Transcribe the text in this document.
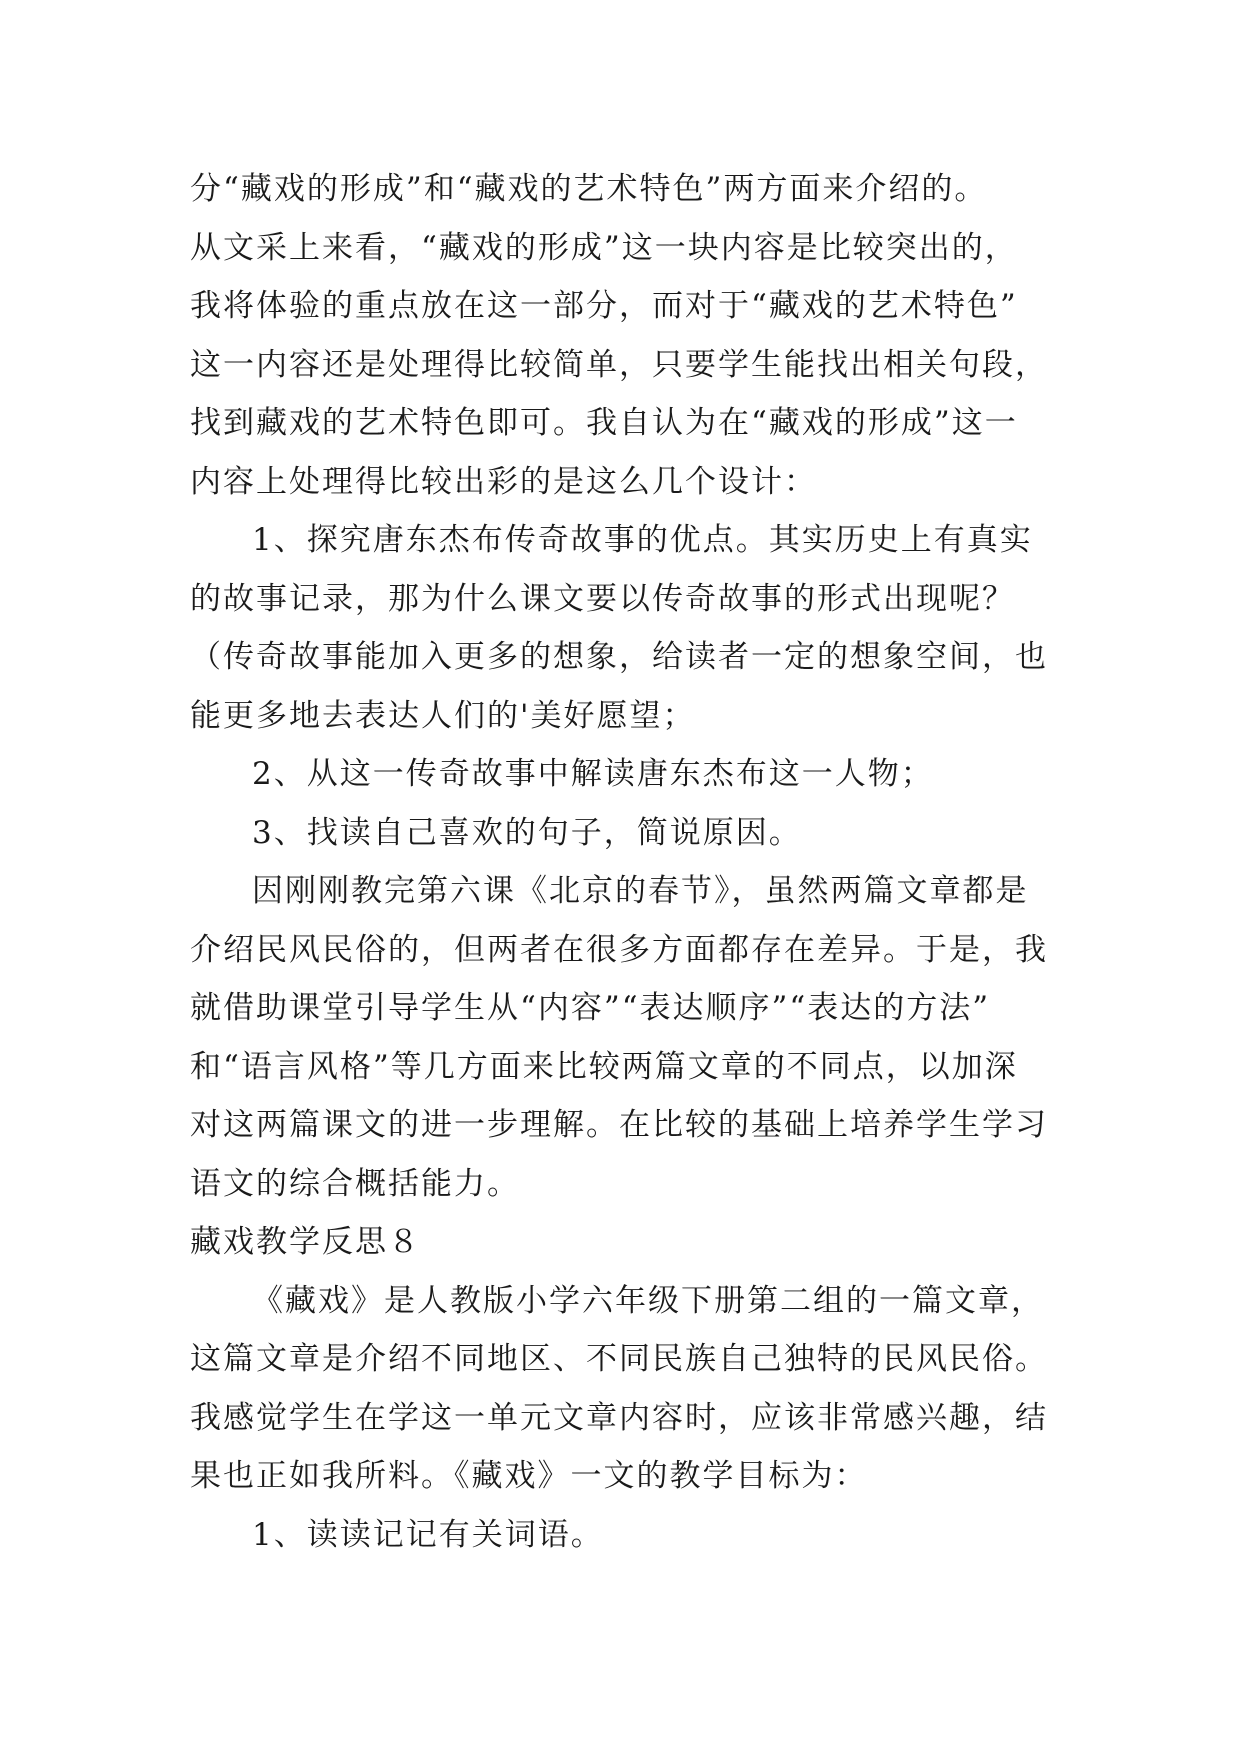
分“藏戏的形成”和“藏戏的艺术特色”两方面来介绍的。
从文采上来看，“藏戏的形成”这一块内容是比较突出的，
我将体验的重点放在这一部分，而对于“藏戏的艺术特色”
这一内容还是处理得比较简单，只要学生能找出相关句段，
找到藏戏的艺术特色即可。我自认为在“藏戏的形成”这一
内容上处理得比较出彩的是这么几个设计：
1、探究唐东杰布传奇故事的优点。其实历史上有真实
的故事记录，那为什么课文要以传奇故事的形式出现呢？
（传奇故事能加入更多的想象，给读者一定的想象空间，也
能更多地去表达人们的'美好愿望；
2、从这一传奇故事中解读唐东杰布这一人物；
3、找读自己喜欢的句子，简说原因。
因刚刚教完第六课《北京的春节》，虽然两篇文章都是
介绍民风民俗的，但两者在很多方面都存在差异。于是，我
就借助课堂引导学生从“内容”“表达顺序”“表达的方法”
和“语言风格”等几方面来比较两篇文章的不同点，以加深
对这两篇课文的进一步理解。在比较的基础上培养学生学习
语文的综合概括能力。
藏戏教学反思８
《藏戏》是人教版小学六年级下册第二组的一篇文章，
这篇文章是介绍不同地区、不同民族自己独特的民风民俗。
我感觉学生在学这一单元文章内容时，应该非常感兴趣，结
果也正如我所料。《藏戏》一文的教学目标为：
1、读读记记有关词语。
